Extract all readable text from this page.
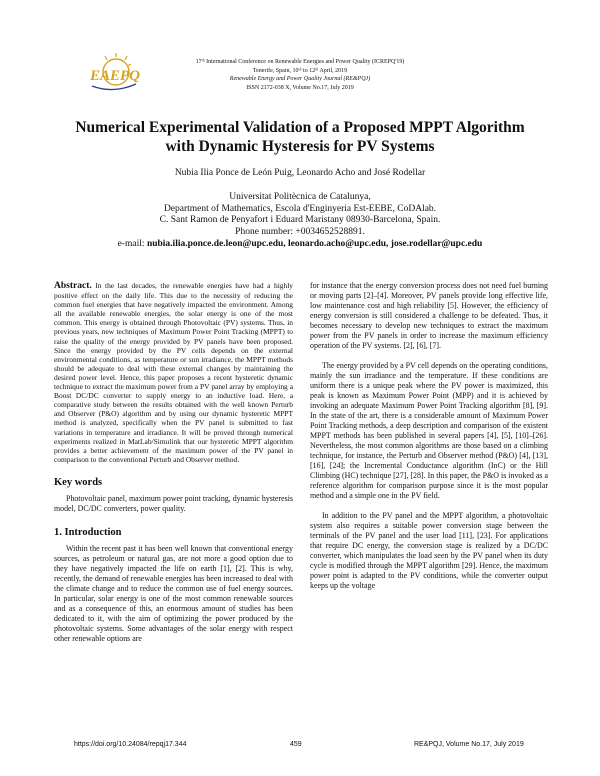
EAEPQ
17ᵗʰ International Conference on Renewable Energies and Power Quality (ICREPQ'19)
Tenerife, Spain, 10ᵗʰ to 12ᵗʰ April, 2019
Renewable Energy and Power Quality Journal (RE&PQJ)
ISSN 2172-038 X, Volume No.17, July 2019
Numerical Experimental Validation of a Proposed MPPT Algorithm
with Dynamic Hysteresis for PV Systems
Nubia Ilia Ponce de León Puig, Leonardo Acho and José Rodellar
Universitat Politècnica de Catalunya,
Department of Mathematics, Escola d'Enginyeria Est-EEBE, CoDAlab.
C. Sant Ramon de Penyafort i Eduard Maristany 08930-Barcelona, Spain.
Phone number: +0034652528891.
e-mail: nubia.ilia.ponce.de.leon@upc.edu, leonardo.acho@upc.edu, jose.rodellar@upc.edu

Abstract. In the last decades, the renewable energies have had a highly positive effect on the daily life. This due to the necessity of reducing the common fuel energies that have negatively impacted the environment. Among all the available renewable energies, the solar energy is one of the most common. This energy is obtained through Photovoltaic (PV) systems. Thus, in previous years, new techniques of Maximum Power Point Tracking (MPPT) to raise the quality of the energy provided by PV panels have been proposed. Since the energy provided by the PV cells depends on the external environmental conditions, as temperature or sun irradiance, the MPPT methods should be adequate to deal with these external changes by maintaining the desired power level. Hence, this paper proposes a recent hysteretic dynamic technique to extract the maximum power from a PV panel array by employing a Boost DC/DC converter to supply energy to an inductive load. Here, a comparative study between the results obtained with the well known Perturb and Observer (P&O) algorithm and by using our dynamic hysteretic MPPT method is analyzed, specifically when the PV panel is submitted to fast variations in temperature and irradiance. It will be proved through numerical experiments realized in MatLab/Simulink that our hysteretic MPPT algorithm provides a better achievement of the maximum power of the PV panel in comparison to the conventional Perturb and Observer method.

Key words

Photovoltaic panel, maximum power point tracking, dynamic hysteresis model, DC/DC converters, power quality.

1. Introduction

Within the recent past it has been well known that conventional energy sources, as petroleum or natural gas, are not more a good option due to they have negatively impacted the life on earth [1], [2]. This is why, recently, the demand of renewable energies has been increased to deal with the climate change and to reduce the common use of fuel energy sources. In particular, solar energy is one of the most common renewable sources and as a consequence of this, an enormous amount of studies has been dedicated to it, with the aim of optimizing the power produced by the photovoltaic systems. Some advantages of the solar energy with respect other renewable options are

for instance that the energy conversion process does not need fuel burning or moving parts [2]–[4]. Moreover, PV panels provide long effective life, low maintenance cost and high reliability [5]. However, the efficiency of energy conversion is still considered a challenge to be defeated. Thus, it becomes necessary to develop new techniques to extract the maximum power from the PV panels in order to increase the maximum efficiency operation of the PV systems. [2], [6], [7].

The energy provided by a PV cell depends on the operating conditions, mainly the sun irradiance and the temperature. If these conditions are uniform there is a unique peak where the PV power is maximized, this peak is known as Maximum Power Point (MPP) and it is achieved by invoking an adequate Maximum Power Point Tracking algorithm [8], [9]. In the state of the art, there is a considerable amount of Maximum Power Point Tracking methods, a deep description and comparison of the existent MPPT methods has been published in several papers [4], [5], [10]–[26]. Nevertheless, the most common algorithms are those based on a climbing technique, for instance, the Perturb and Observer method (P&O) [4], [13], [16], [24]; the Incremental Conductance algorithm (InC) or the Hill Climbing (HC) technique [27], [28]. In this paper, the P&O is invoked as a reference algorithm for comparison purpose since it is the most popular method and a simple one in the PV field.

In addition to the PV panel and the MPPT algorithm, a photovoltaic system also requires a suitable power conversion stage between the terminals of the PV panel and the user load [11], [23]. For applications that require DC energy, the conversion stage is realized by a DC/DC converter, which manipulates the load seen by the PV panel when its duty cycle is modified through the MPPT algorithm [29]. Hence, the maximum power point is adapted to the PV conditions, while the converter output keeps up the voltage

https://doi.org/10.24084/repqj17.344	459	RE&PQJ, Volume No.17, July 2019
